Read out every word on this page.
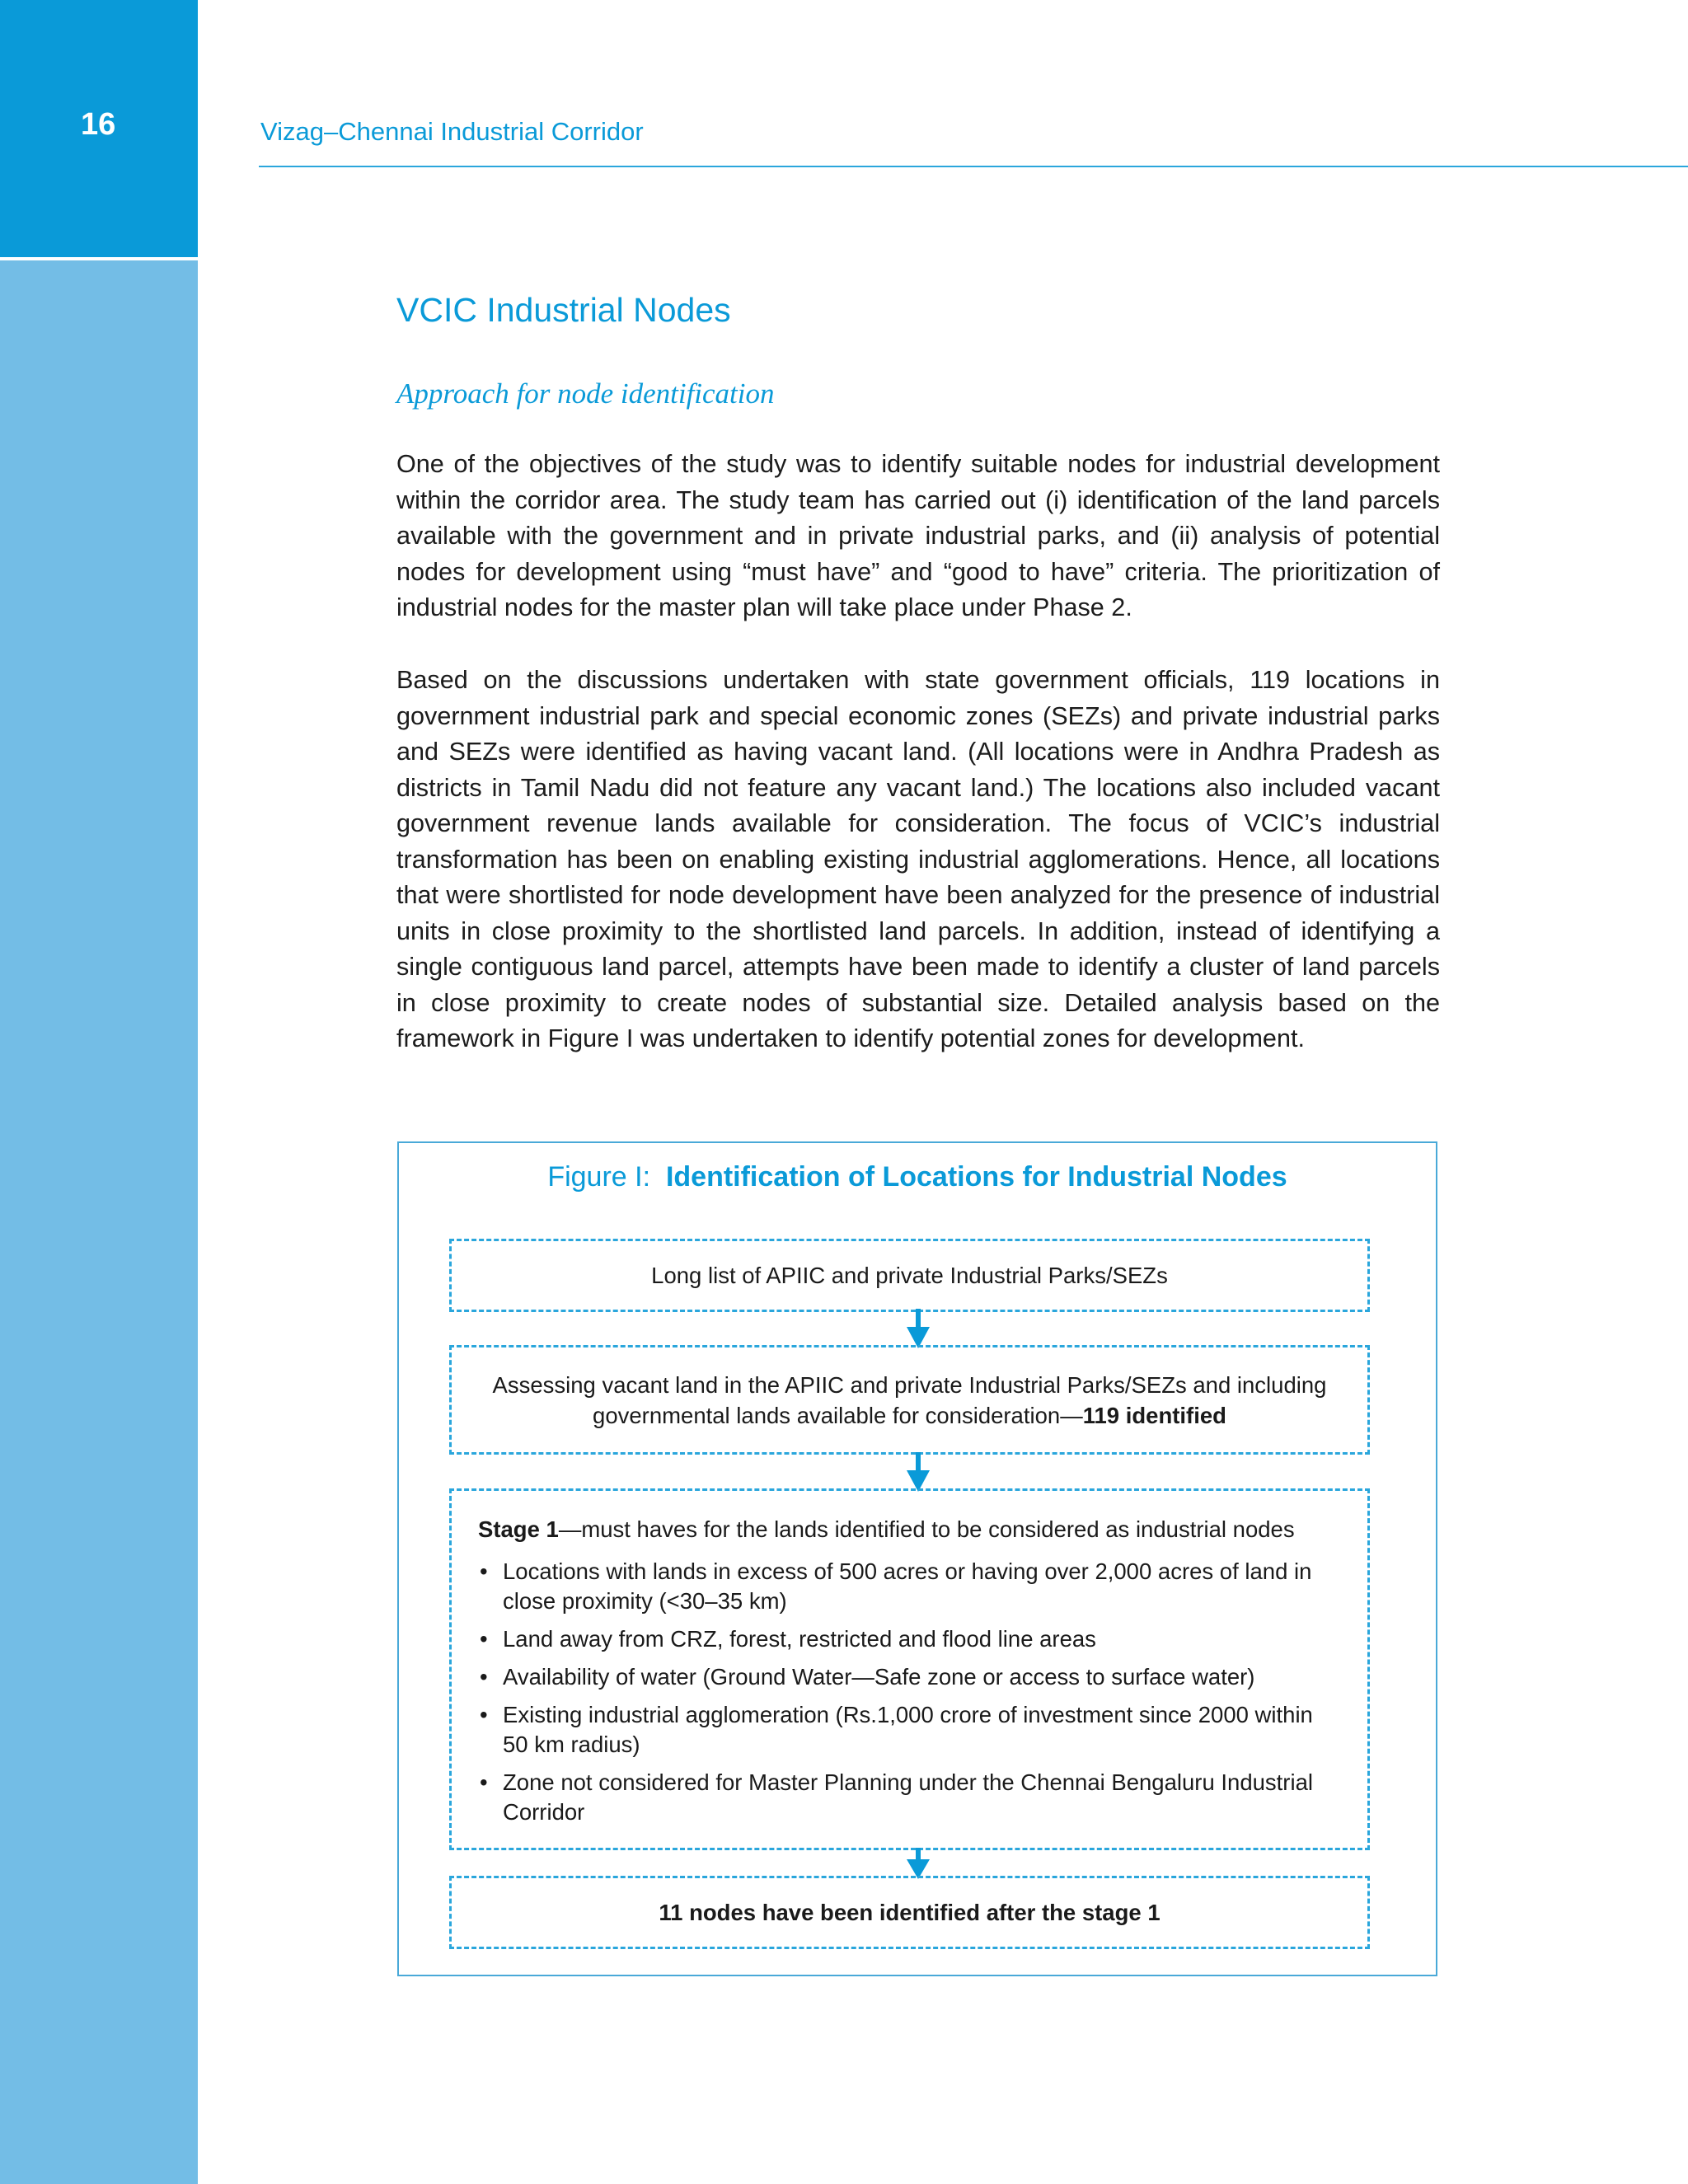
16	Vizag–Chennai Industrial Corridor
VCIC Industrial Nodes
Approach for node identification

One of the objectives of the study was to identify suitable nodes for industrial development within the corridor area. The study team has carried out (i) identification of the land parcels available with the government and in private industrial parks, and (ii) analysis of potential nodes for development using “must have” and “good to have” criteria. The prioritization of industrial nodes for the master plan will take place under Phase 2.

Based on the discussions undertaken with state government officials, 119 locations in government industrial park and special economic zones (SEZs) and private industrial parks and SEZs were identified as having vacant land. (All locations were in Andhra Pradesh as districts in Tamil Nadu did not feature any vacant land.) The locations also included vacant government revenue lands available for consideration. The focus of VCIC’s industrial transformation has been on enabling existing industrial agglomerations. Hence, all locations that were shortlisted for node development have been analyzed for the presence of industrial units in close proximity to the shortlisted land parcels. In addition, instead of identifying a single contiguous land parcel, attempts have been made to identify a cluster of land parcels in close proximity to create nodes of substantial size. Detailed analysis based on the framework in Figure I was undertaken to identify potential zones for development.

Figure I: Identification of Locations for Industrial Nodes
Long list of APIIC and private Industrial Parks/SEZs
Assessing vacant land in the APIIC and private Industrial Parks/SEZs and including governmental lands available for consideration—119 identified

Stage 1—must haves for the lands identified to be considered as industrial nodes

• Locations with lands in excess of 500 acres or having over 2,000 acres of land in close proximity (<30–35 km)
• Land away from CRZ, forest, restricted and flood line areas
• Availability of water (Ground Water—Safe zone or access to surface water)
• Existing industrial agglomeration (Rs.1,000 crore of investment since 2000 within 50 km radius)
• Zone not considered for Master Planning under the Chennai Bengaluru Industrial Corridor
11 nodes have been identified after the stage 1
